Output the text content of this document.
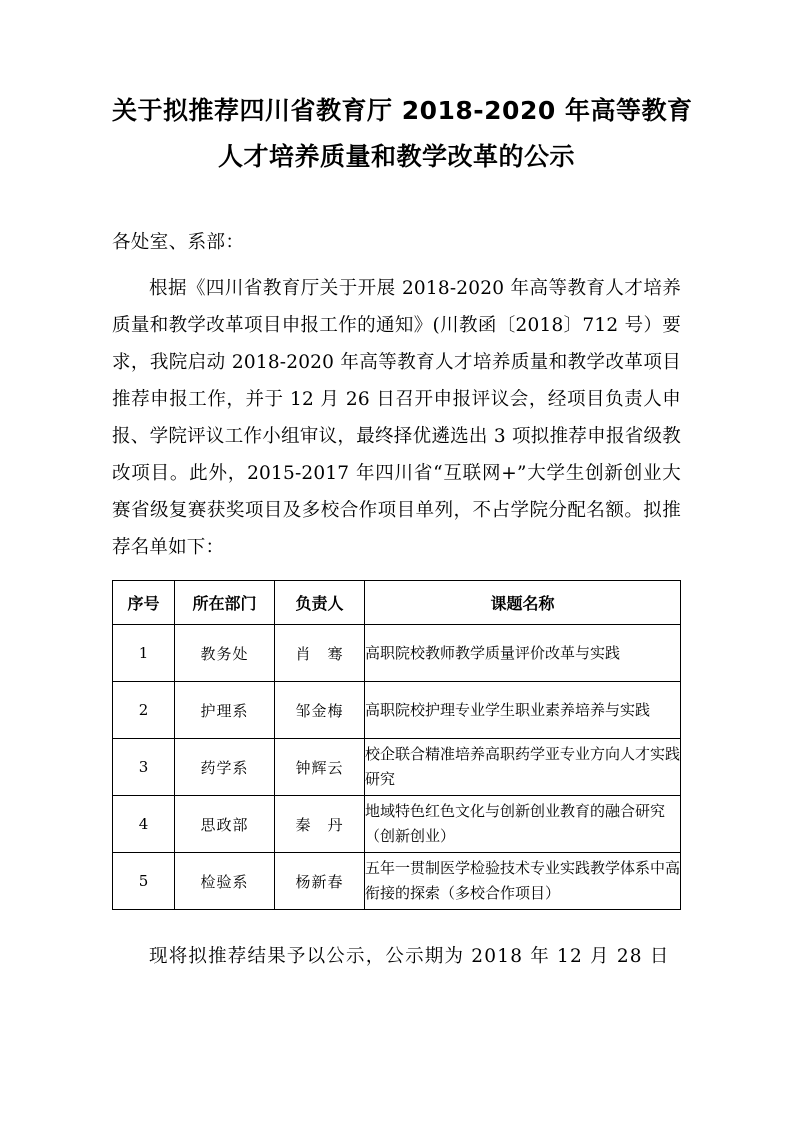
关于拟推荐四川省教育厅 2018-2020 年高等教育
人才培养质量和教学改革的公示
各处室、系部：
根据《四川省教育厅关于开展 2018-2020 年高等教育人才培养质量和教学改革项目申报工作的通知》(川教函〔2018〕712 号）要求，我院启动 2018-2020 年高等教育人才培养质量和教学改革项目推荐申报工作，并于 12 月 26 日召开申报评议会，经项目负责人申报、学院评议工作小组审议，最终择优遴选出 3 项拟推荐申报省级教改项目。此外，2015-2017 年四川省“互联网+”大学生创新创业大赛省级复赛获奖项目及多校合作项目单列，不占学院分配名额。拟推荐名单如下：
序号	所在部门	负责人	课题名称
1	教务处	肖　骞	高职院校教师教学质量评价改革与实践
2	护理系	邹金梅	高职院校护理专业学生职业素养培养与实践
3	药学系	钟辉云	校企联合精准培养高职药学亚专业方向人才实践研究
4	思政部	秦　丹	地域特色红色文化与创新创业教育的融合研究（创新创业）
5	检验系	杨新春	五年一贯制医学检验技术专业实践教学体系中高衔接的探索（多校合作项目）
现将拟推荐结果予以公示，公示期为 2018 年 12 月 28 日
